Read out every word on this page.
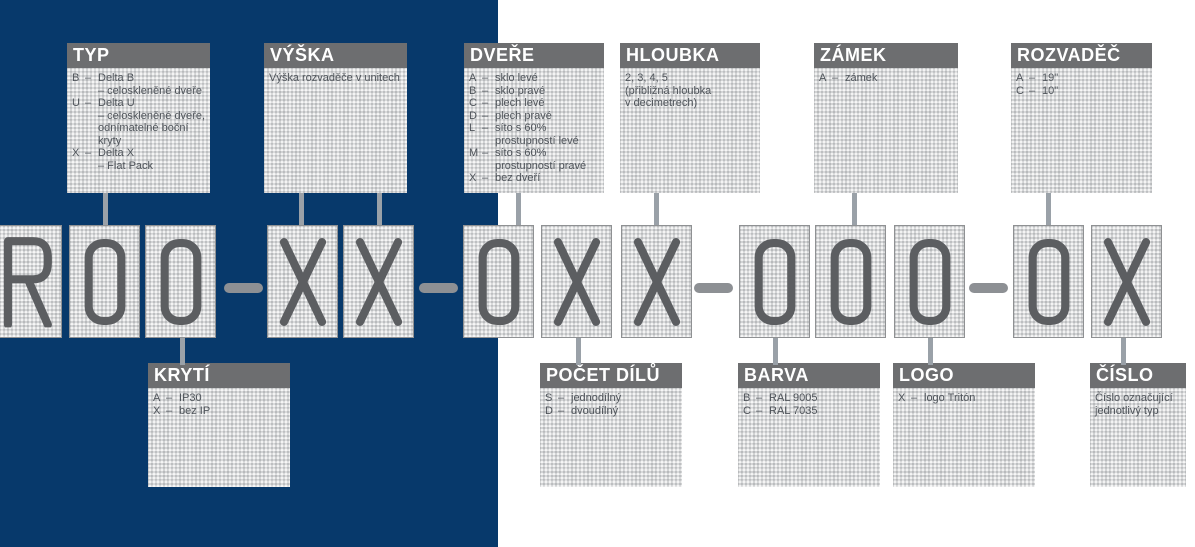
TYP
B – Delta B
– celoskleněné dveře
U – Delta U
– celoskleněné dveře,
odnímatelné boční
kryty
X – Delta X
– Flat Pack
VÝŠKA
Výška rozvaděče v unitech
DVEŘE
A – sklo levé
B – sklo pravé
C – plech levé
D – plech pravé
L – síto s 60%
prostupností levé
M – síto s 60%
prostupností pravé
X – bez dveří
HLOUBKA
2, 3, 4, 5
(přibližná hloubka
v decimetrech)
ZÁMEK
A – zámek
ROZVADĚČ
A – 19"
C – 10"
KRYTÍ
A – IP30
X – bez IP
POČET DÍLŮ
S – jednodílný
D – dvoudílný
BARVA
B – RAL 9005
C – RAL 7035
LOGO
X – logo Tritón
ČÍSLO
Číslo označující
jednotlivý typ
